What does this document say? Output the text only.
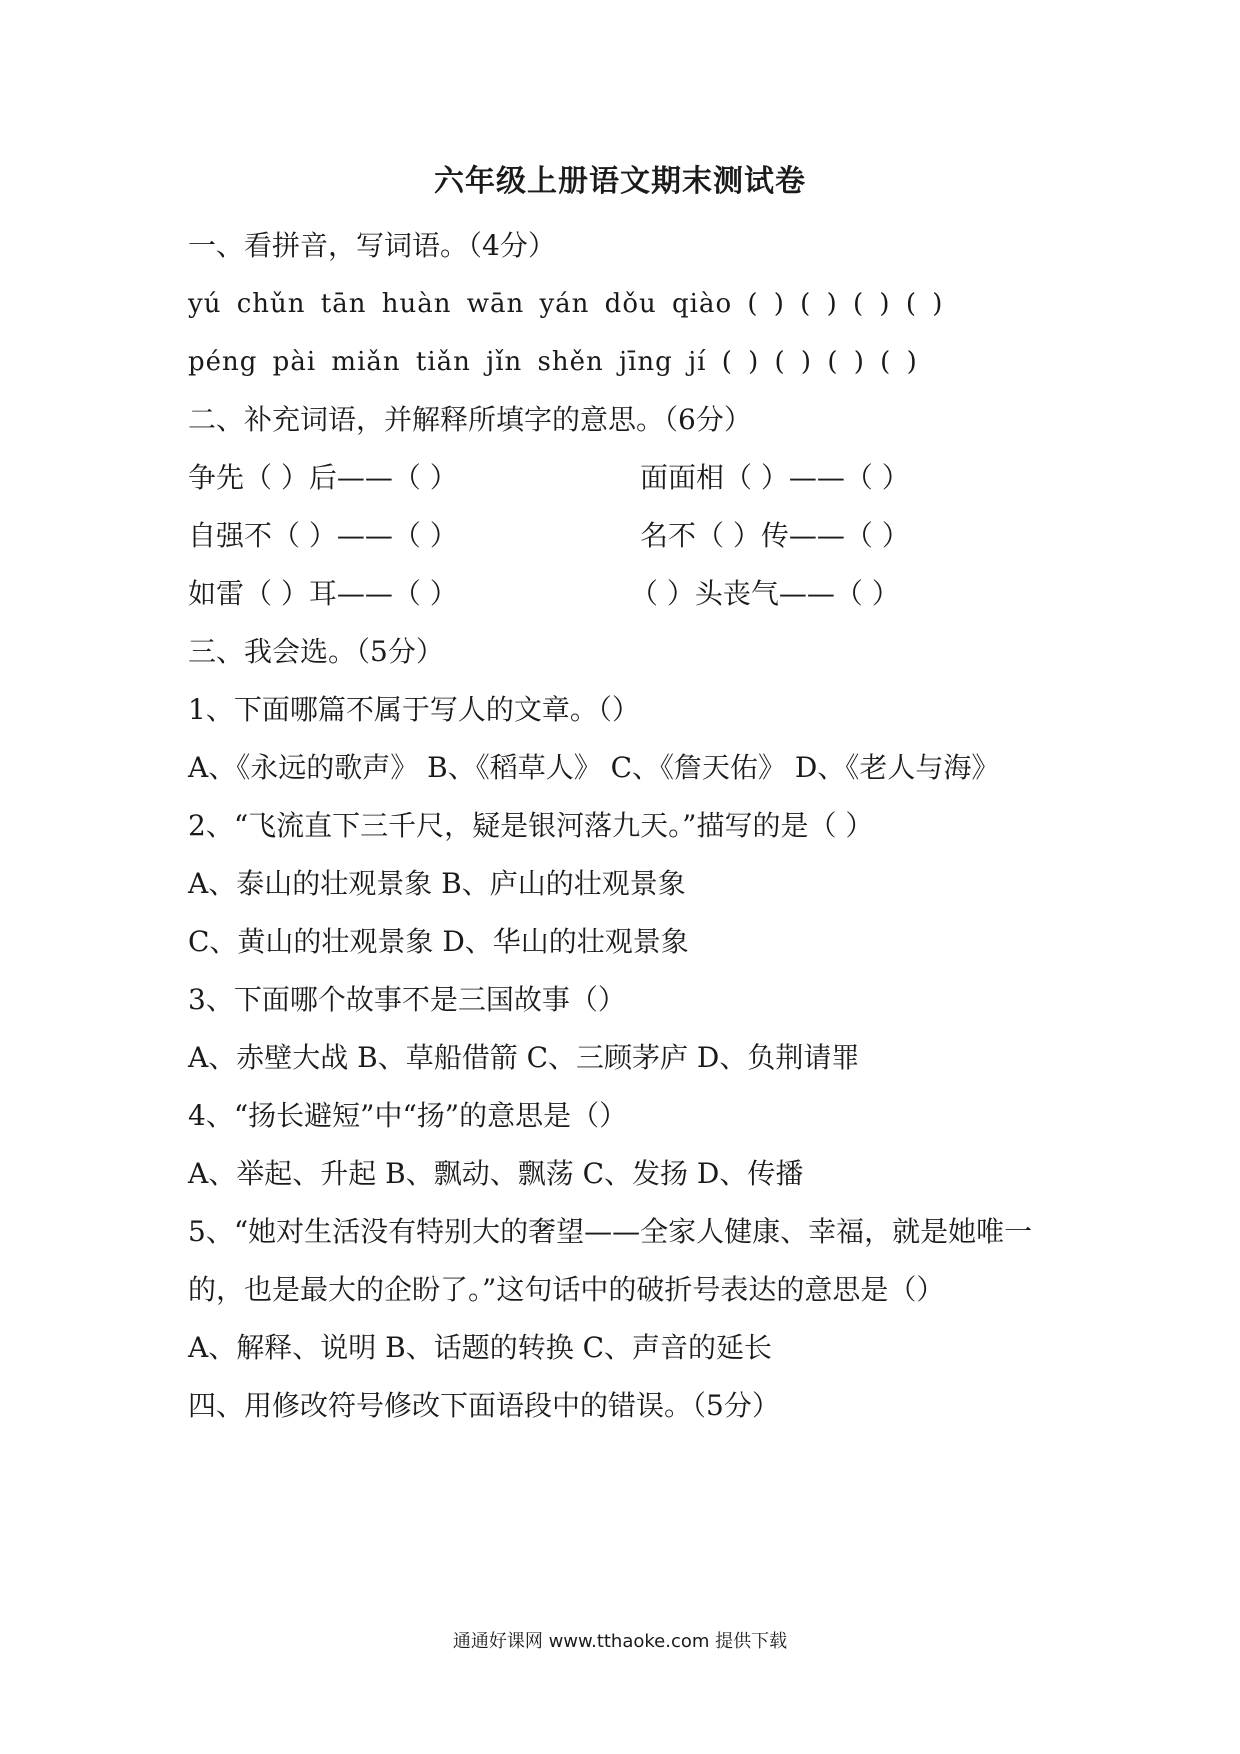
六年级上册语文期末测试卷
一、看拼音，写词语。（4分）
yú chǔn tān huàn wān yán dǒu qiào ( ) ( ) ( ) ( )
péng pài miǎn tiǎn jǐn shěn jīng jí ( ) ( ) ( ) ( )
二、补充词语，并解释所填字的意思。（6分）
争先（ ）后——（ ）	面面相（ ）——（ ）
自强不（ ）——（ ）	名不（ ）传——（ ）
如雷（ ）耳——（ ）	（ ）头丧气——（ ）
三、我会选。（5分）
1、下面哪篇不属于写人的文章。（）
A、《永远的歌声》 B、《稻草人》 C、《詹天佑》 D、《老人与海》
2、“飞流直下三千尺，疑是银河落九天。”描写的是（ ）
A、泰山的壮观景象 B、庐山的壮观景象
C、黄山的壮观景象 D、华山的壮观景象
3、下面哪个故事不是三国故事（）
A、赤壁大战 B、草船借箭 C、三顾茅庐 D、负荆请罪
4、“扬长避短”中“扬”的意思是（）
A、举起、升起 B、飘动、飘荡 C、发扬 D、传播
5、“她对生活没有特别大的奢望——全家人健康、幸福，就是她唯一
的，也是最大的企盼了。”这句话中的破折号表达的意思是（）
A、解释、说明 B、话题的转换 C、声音的延长
四、用修改符号修改下面语段中的错误。（5分）
通通好课网 www.tthaoke.com 提供下载
